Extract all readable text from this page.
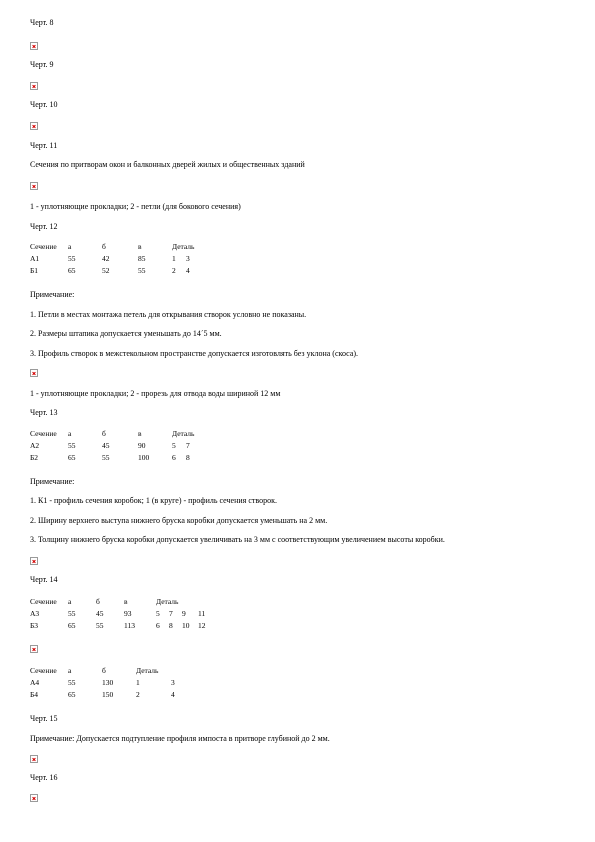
Черт. 8
Черт. 9
Черт. 10
Черт. 11
Сечения по притворам окон и балконных дверей жилых и общественных зданий
1 - уплотняющие прокладки; 2 - петли (для бокового сечения)
Черт. 12
Сечение	а	б	в	Деталь	
А1	55	42	85	1	3
Б1	65	52	55	2	4
Примечание:
1. Петли в местах монтажа петель для открывания створок условно не показаны.
2. Размеры штапика допускается уменьшать до 14´5 мм.
3. Профиль створок в межстекольном пространстве допускается изготовлять без уклона (скоса).
1 - уплотняющие прокладки; 2 - прорезь для отвода воды шириной 12 мм
Черт. 13
Сечение	а	б	в	Деталь	
А2	55	45	90	5	7
Б2	65	55	100	6	8
Примечание:
1. К1 - профиль сечения коробок; 1 (в круге) - профиль сечения створок.
2. Ширину верхнего выступа нижнего бруска коробки допускается уменьшать на 2 мм.
3. Толщину нижнего бруска коробки допускается увеличивать на 3 мм с соответствующим увеличением высоты коробки.
Черт. 14
Сечение	а	б	в	Деталь			
А3	55	45	93	5	7	9	11
Б3	65	55	113	6	8	10	12
Сечение	а	б	Деталь	
А4	55	130	1	3
Б4	65	150	2	4
Черт. 15
Примечание: Допускается подтупление профиля импоста в притворе глубиной до 2 мм.
Черт. 16
